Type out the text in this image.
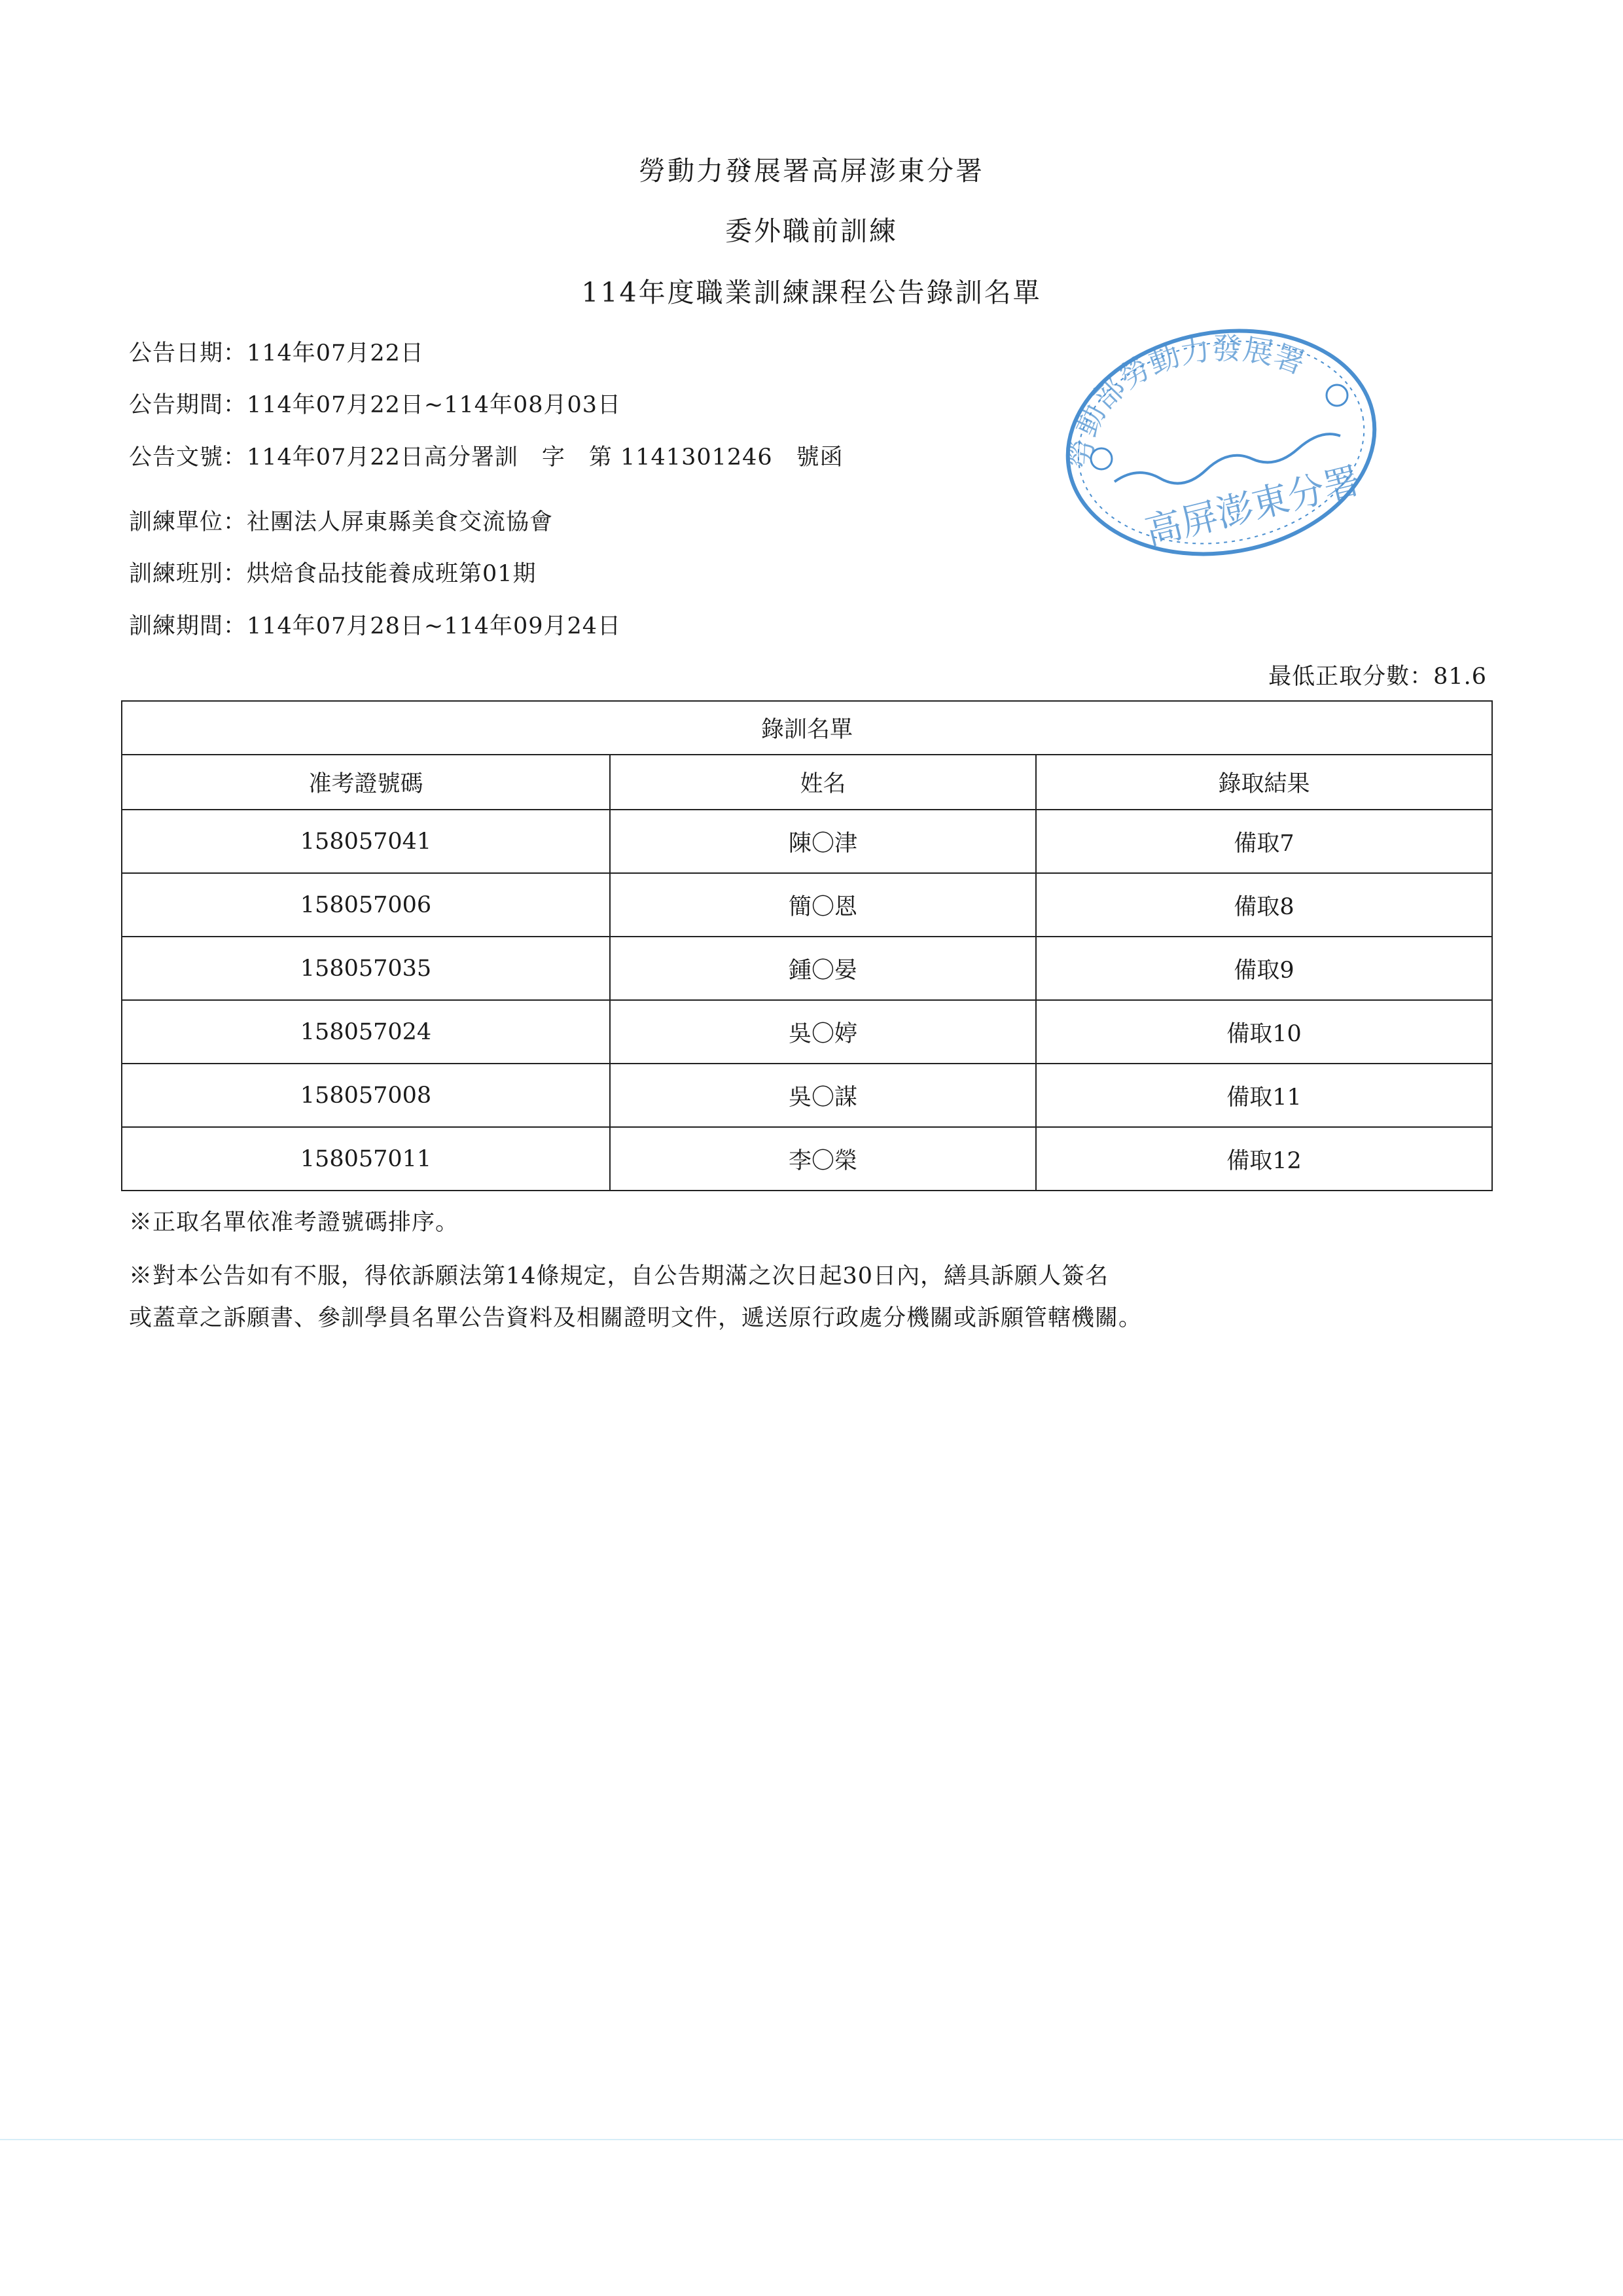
勞動力發展署高屏澎東分署
委外職前訓練
114年度職業訓練課程公告錄訓名單
公告日期：114年07月22日
公告期間：114年07月22日~114年08月03日
公告文號：114年07月22日高分署訓　字　第 1141301246　號函
訓練單位：社團法人屏東縣美食交流協會
訓練班別：烘焙食品技能養成班第01期
訓練期間：114年07月28日~114年09月24日
勞動部勞動力發展署
高屏澎東分署
最低正取分數：81.6
錄訓名單		
准考證號碼	姓名	錄取結果
158057041	陳〇津	備取7
158057006	簡〇恩	備取8
158057035	鍾〇晏	備取9
158057024	吳〇婷	備取10
158057008	吳〇謀	備取11
158057011	李〇榮	備取12
※正取名單依准考證號碼排序。
※對本公告如有不服，得依訴願法第14條規定，自公告期滿之次日起30日內，繕具訴願人簽名
或蓋章之訴願書、參訓學員名單公告資料及相關證明文件，遞送原行政處分機關或訴願管轄機關。
